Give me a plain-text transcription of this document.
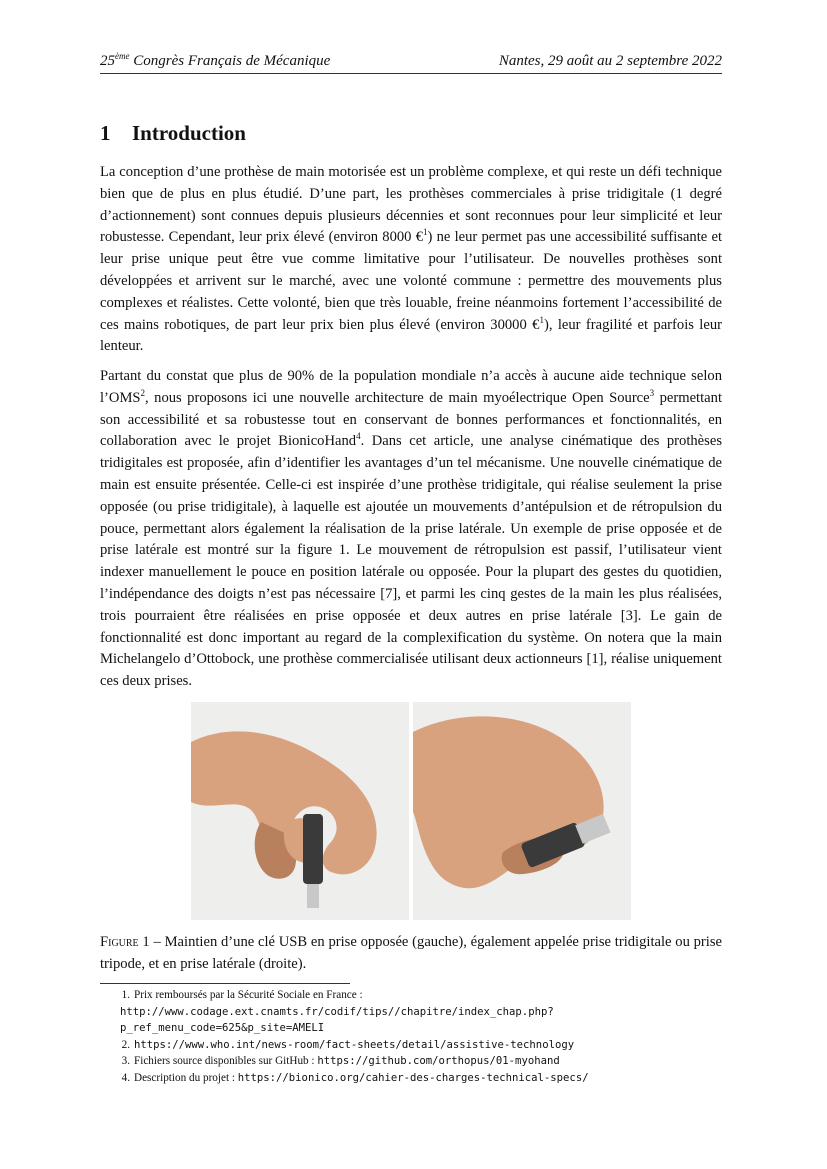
25ème Congrès Français de Mécanique	Nantes, 29 août au 2 septembre 2022
1 Introduction

La conception d’une prothèse de main motorisée est un problème complexe, et qui reste un défi technique bien que de plus en plus étudié. D’une part, les prothèses commerciales à prise tridigitale (1 degré d’actionnement) sont connues depuis plusieurs décennies et sont reconnues pour leur simplicité et leur robustesse. Cependant, leur prix élevé (environ 8000 €$^1$) ne leur permet pas une accessibilité suffisante et leur prise unique peut être vue comme limitative pour l’utilisateur. De nouvelles prothèses sont développées et arrivent sur le marché, avec une volonté commune : permettre des mouvements plus complexes et réalistes. Cette volonté, bien que très louable, freine néanmoins fortement l’accessibilité de ces mains robotiques, de part leur prix bien plus élevé (environ 30000 €$^1$), leur fragilité et parfois leur lenteur.

Partant du constat que plus de 90% de la population mondiale n’a accès à aucune aide technique selon l’OMS$^2$, nous proposons ici une nouvelle architecture de main myoélectrique Open Source$^3$ permettant son accessibilité et sa robustesse tout en conservant de bonnes performances et fonctionnalités, en collaboration avec le projet BionicoHand$^4$. Dans cet article, une analyse cinématique des prothèses tridigitales est proposée, afin d’identifier les avantages d’un tel mécanisme. Une nouvelle cinématique de main est ensuite présentée. Celle-ci est inspirée d’une prothèse tridigitale, qui réalise seulement la prise opposée (ou prise tridigitale), à laquelle est ajoutée un mouvements d’antépulsion et de rétropulsion du pouce, permettant alors également la réalisation de la prise latérale. Un exemple de prise opposée et de prise latérale est montré sur la figure 1. Le mouvement de rétropulsion est passif, l’utilisateur vient indexer manuellement le pouce en position latérale ou opposée. Pour la plupart des gestes du quotidien, l’indépendance des doigts n’est pas nécessaire [7], et parmi les cinq gestes de la main les plus réalisées, trois pourraient être réalisées en prise opposée et deux autres en prise latérale [3]. Le gain de fonctionnalité est donc important au regard de la complexification du système. On notera que la main Michelangelo d’Ottobock, une prothèse commercialisée utilisant deux actionneurs [1], réalise uniquement ces deux prises.

Figure 1 – Maintien d’une clé USB en prise opposée (gauche), également appelée prise tridigitale ou prise tripode, et en prise latérale (droite).

1. Prix remboursés par la Sécurité Sociale en France : http://www.codage.ext.cnamts.fr/codif/tips//chapitre/index_chap.php?p_ref_menu_code=625&p_site=AMELI
2. https://www.who.int/news-room/fact-sheets/detail/assistive-technology
3. Fichiers source disponibles sur GitHub : https://github.com/orthopus/01-myohand
4. Description du projet : https://bionico.org/cahier-des-charges-technical-specs/
